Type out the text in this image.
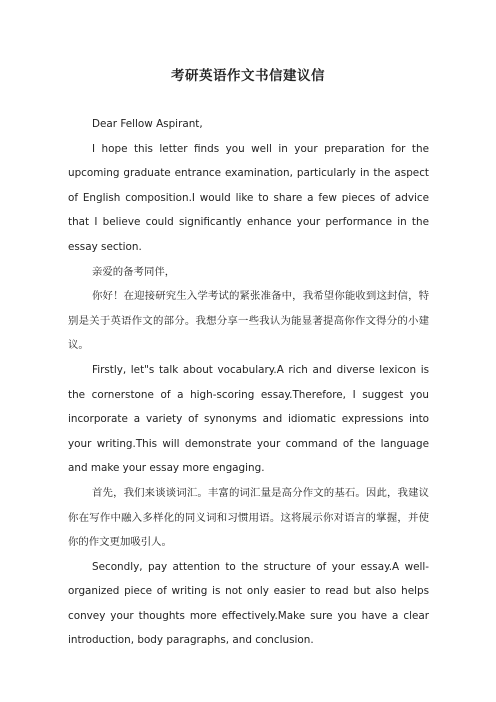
考研英语作文书信建议信

Dear Fellow Aspirant,

I hope this letter finds you well in your preparation for the upcoming graduate entrance examination, particularly in the aspect of English composition.I would like to share a few pieces of advice that I believe could significantly enhance your performance in the essay section.

亲爱的备考同伴，

你好！在迎接研究生入学考试的紧张准备中，我希望你能收到这封信，特别是关于英语作文的部分。我想分享一些我认为能显著提高你作文得分的小建议。

Firstly, let"s talk about vocabulary.A rich and diverse lexicon is the cornerstone of a high-scoring essay.Therefore, I suggest you incorporate a variety of synonyms and idiomatic expressions into your writing.This will demonstrate your command of the language and make your essay more engaging.

首先，我们来谈谈词汇。丰富的词汇量是高分作文的基石。因此，我建议你在写作中融入多样化的同义词和习惯用语。这将展示你对语言的掌握，并使你的作文更加吸引人。

Secondly, pay attention to the structure of your essay.A well-organized piece of writing is not only easier to read but also helps convey your thoughts more effectively.Make sure you have a clear introduction, body paragraphs, and conclusion.
